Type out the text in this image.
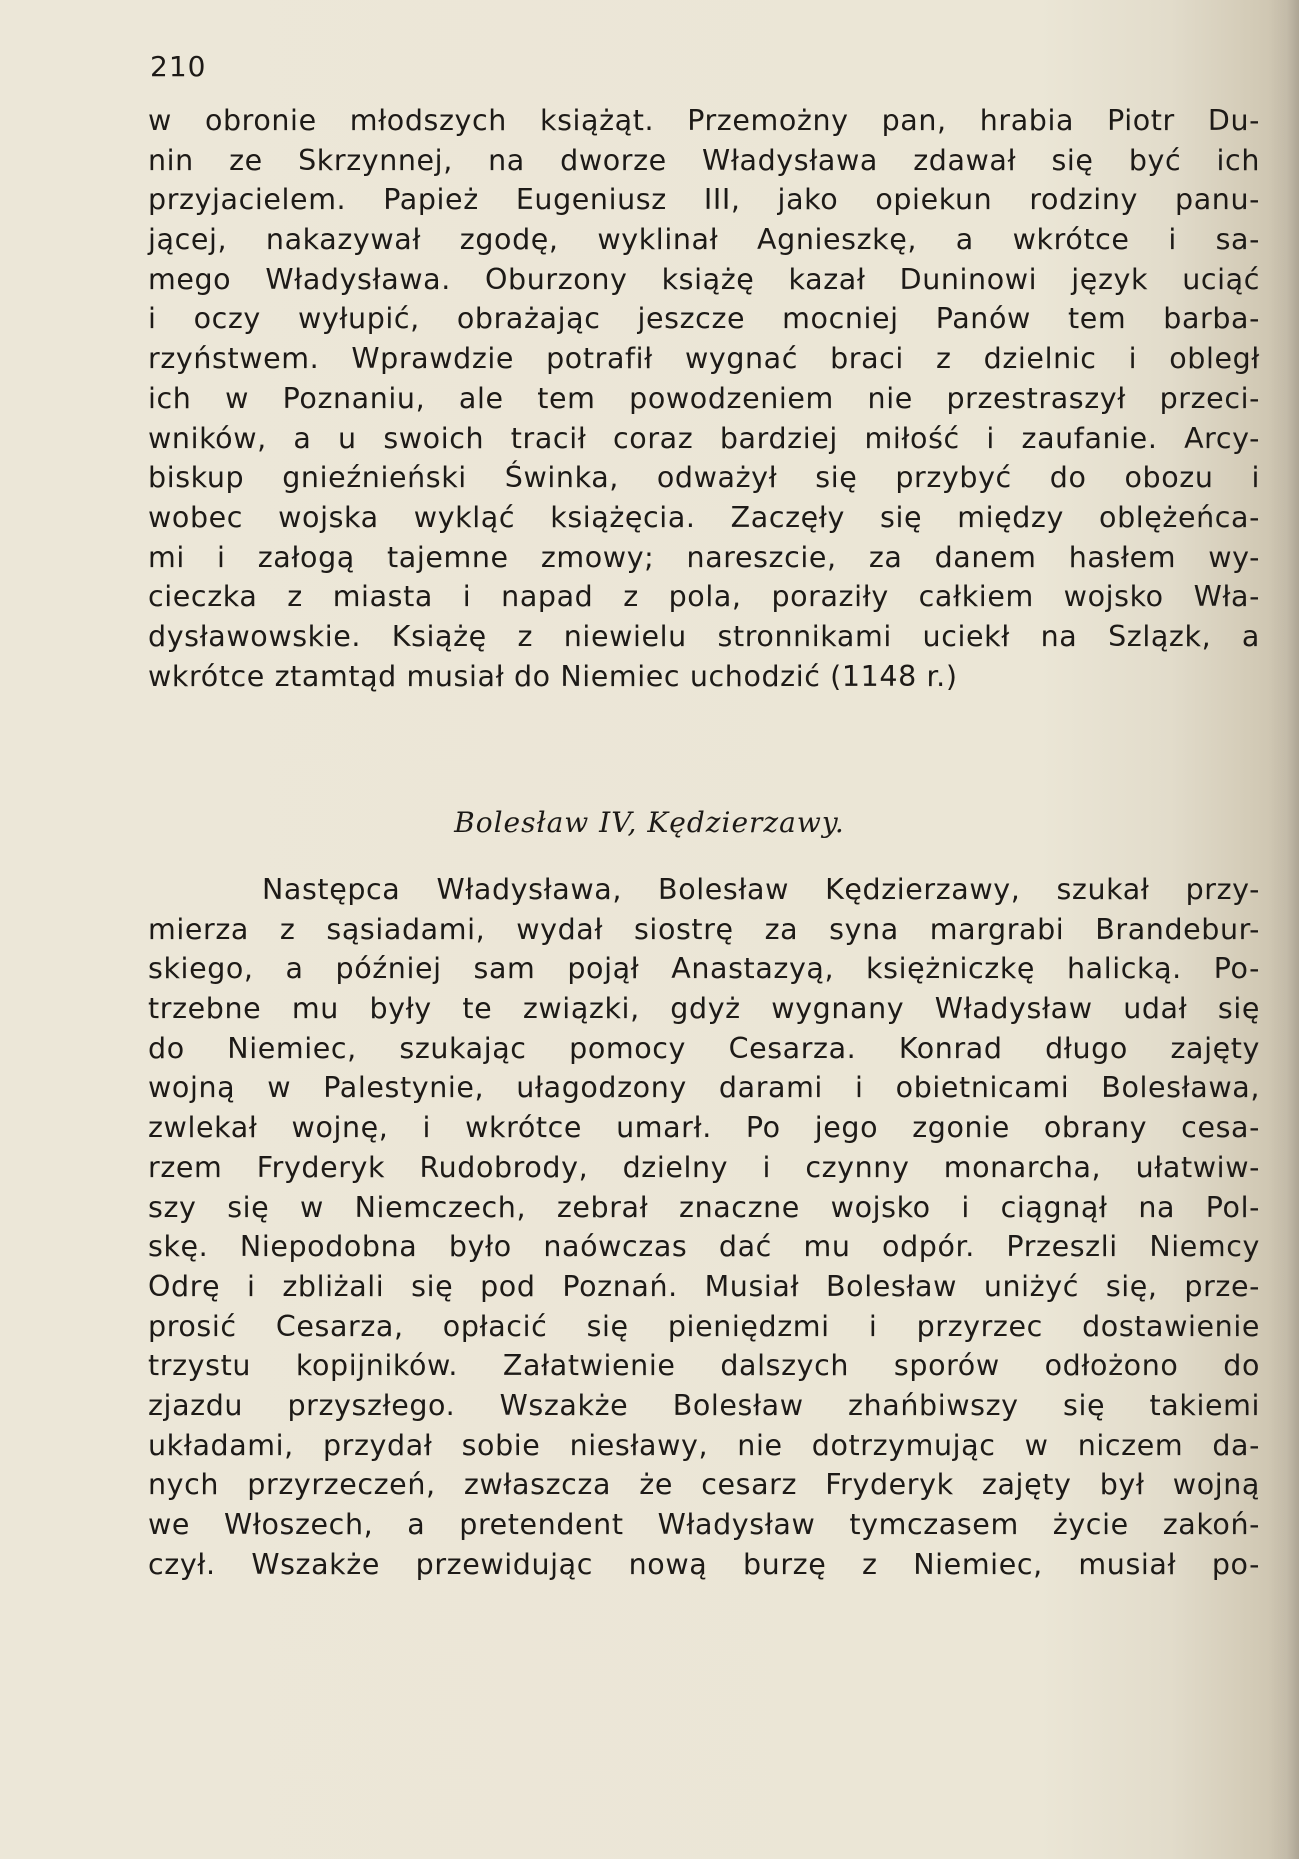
210
w obronie młodszych książąt. Przemożny pan, hrabia Piotr Du-
nin ze Skrzynnej, na dworze Władysława zdawał się być ich
przyjacielem. Papież Eugeniusz III, jako opiekun rodziny panu-
jącej, nakazywał zgodę, wyklinał Agnieszkę, a wkrótce i sa-
mego Władysława. Oburzony książę kazał Duninowi język uciąć
i oczy wyłupić, obrażając jeszcze mocniej Panów tem barba-
rzyństwem. Wprawdzie potrafił wygnać braci z dzielnic i obległ
ich w Poznaniu, ale tem powodzeniem nie przestraszył przeci-
wników, a u swoich tracił coraz bardziej miłość i zaufanie. Arcy-
biskup gnieźnieński Świnka, odważył się przybyć do obozu i
wobec wojska wykląć książęcia. Zaczęły się między oblężeńca-
mi i załogą tajemne zmowy; nareszcie, za danem hasłem wy-
cieczka z miasta i napad z pola, poraziły całkiem wojsko Wła-
dysławowskie. Książę z niewielu stronnikami uciekł na Szlązk, a
wkrótce ztamtąd musiał do Niemiec uchodzić (1148 r.)
Bolesław IV, Kędzierzawy.
Następca Władysława, Bolesław Kędzierzawy, szukał przy-
mierza z sąsiadami, wydał siostrę za syna margrabi Brandebur-
skiego, a później sam pojął Anastazyą, księżniczkę halicką. Po-
trzebne mu były te związki, gdyż wygnany Władysław udał się
do Niemiec, szukając pomocy Cesarza. Konrad długo zajęty
wojną w Palestynie, ułagodzony darami i obietnicami Bolesława,
zwlekał wojnę, i wkrótce umarł. Po jego zgonie obrany cesa-
rzem Fryderyk Rudobrody, dzielny i czynny monarcha, ułatwiw-
szy się w Niemczech, zebrał znaczne wojsko i ciągnął na Pol-
skę. Niepodobna było naówczas dać mu odpór. Przeszli Niemcy
Odrę i zbliżali się pod Poznań. Musiał Bolesław uniżyć się, prze-
prosić Cesarza, opłacić się pieniędzmi i przyrzec dostawienie
trzystu kopijników. Załatwienie dalszych sporów odłożono do
zjazdu przyszłego. Wszakże Bolesław zhańbiwszy się takiemi
układami, przydał sobie niesławy, nie dotrzymując w niczem da-
nych przyrzeczeń, zwłaszcza że cesarz Fryderyk zajęty był wojną
we Włoszech, a pretendent Władysław tymczasem życie zakoń-
czył. Wszakże przewidując nową burzę z Niemiec, musiał po-
